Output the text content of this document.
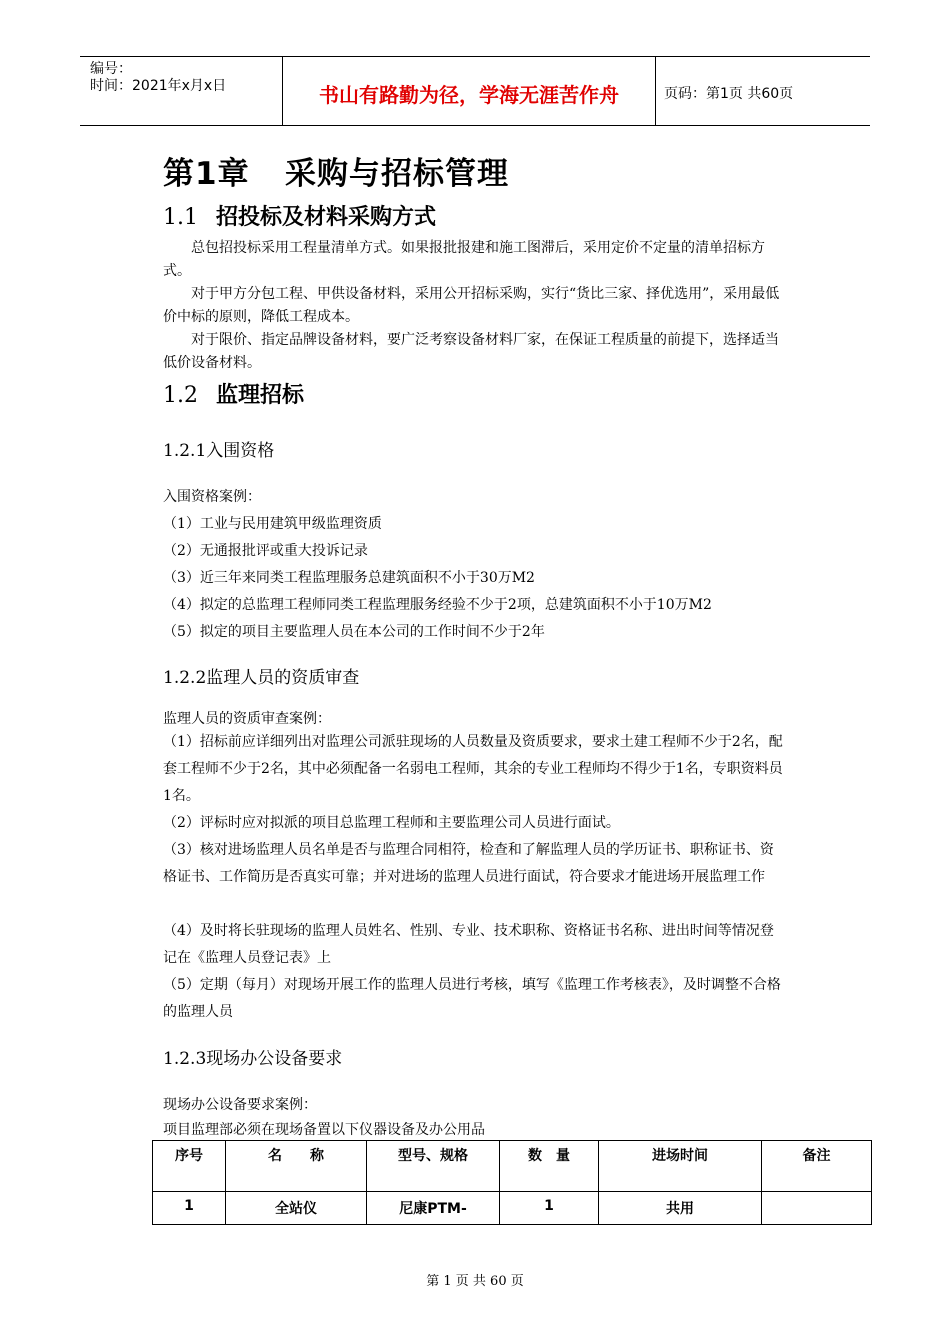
编号：
时间：2021年x月x日	书山有路勤为径，学海无涯苦作舟	页码：第1页 共60页
第1章 采购与招标管理
1.1 招投标及材料采购方式
总包招投标采用工程量清单方式。如果报批报建和施工图滞后，采用定价不定量的清单招标方式。
对于甲方分包工程、甲供设备材料，采用公开招标采购，实行“货比三家、择优选用”，采用最低价中标的原则，降低工程成本。
对于限价、指定品牌设备材料，要广泛考察设备材料厂家，在保证工程质量的前提下，选择适当低价设备材料。
1.2 监理招标
1.2.1入围资格
入围资格案例：
（1）工业与民用建筑甲级监理资质
（2）无通报批评或重大投诉记录
（3）近三年来同类工程监理服务总建筑面积不小于30万M2
（4）拟定的总监理工程师同类工程监理服务经验不少于2项，总建筑面积不小于10万M2
（5）拟定的项目主要监理人员在本公司的工作时间不少于2年
1.2.2监理人员的资质审查
监理人员的资质审查案例：
（1）招标前应详细列出对监理公司派驻现场的人员数量及资质要求，要求土建工程师不少于2名，配套工程师不少于2名，其中必须配备一名弱电工程师，其余的专业工程师均不得少于1名，专职资料员1名。
（2）评标时应对拟派的项目总监理工程师和主要监理公司人员进行面试。
（3）核对进场监理人员名单是否与监理合同相符，检查和了解监理人员的学历证书、职称证书、资格证书、工作简历是否真实可靠；并对进场的监理人员进行面试，符合要求才能进场开展监理工作
（4）及时将长驻现场的监理人员姓名、性别、专业、技术职称、资格证书名称、进出时间等情况登记在《监理人员登记表》上
（5）定期（每月）对现场开展工作的监理人员进行考核，填写《监理工作考核表》，及时调整不合格的监理人员
1.2.3现场办公设备要求
现场办公设备要求案例：
项目监理部必须在现场备置以下仪器设备及办公用品
序号	名　　称	型号、规格	数　量	进场时间	备注
1	全站仪	尼康PTM-	1	共用	
第 1 页 共 60 页
